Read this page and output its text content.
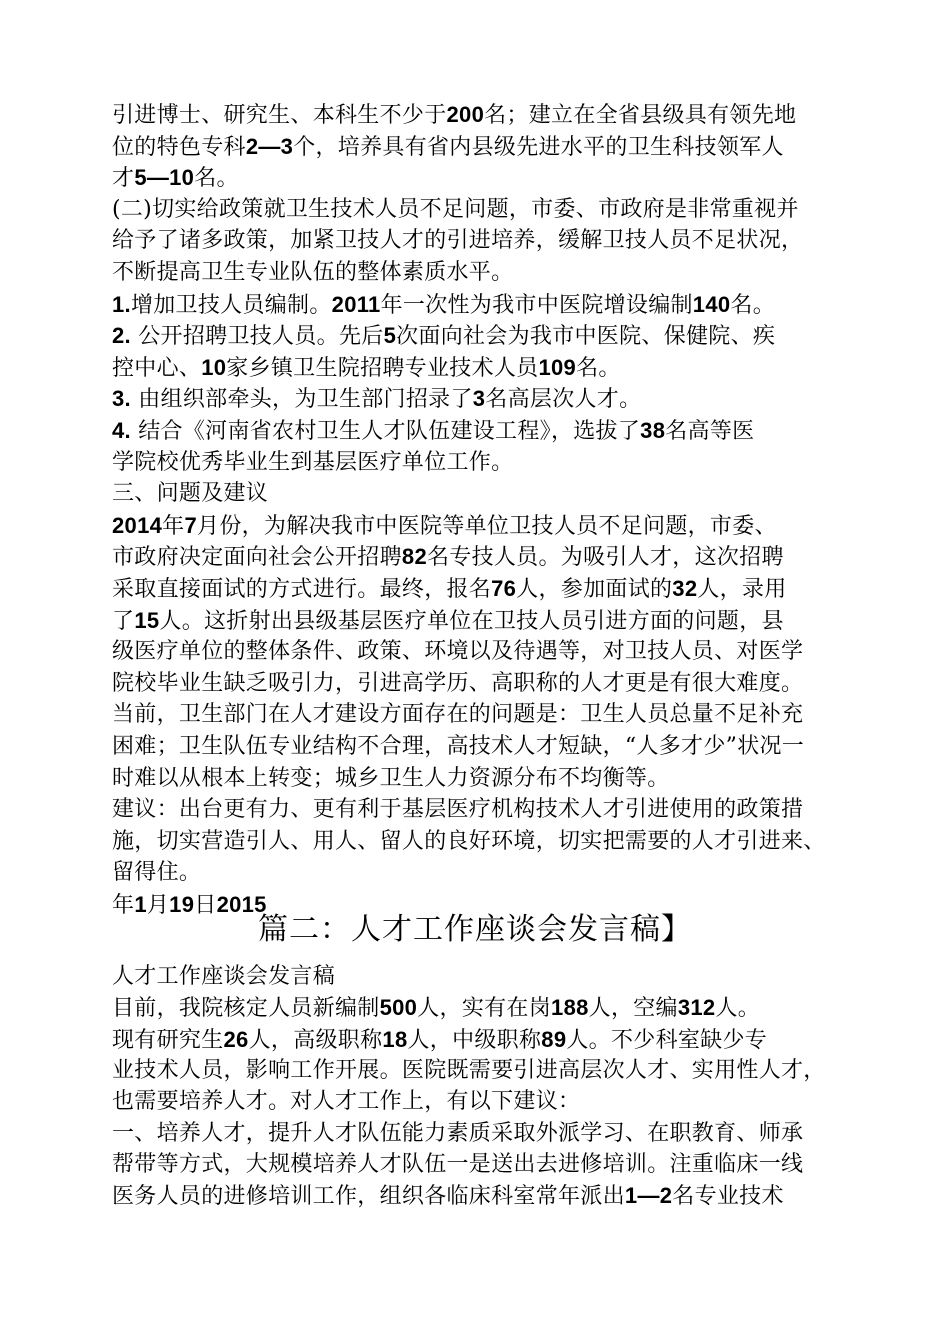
引进博士、研究生、本科生不少于200名；建立在全省县级具有领先地
位的特色专科2—3个，培养具有省内县级先进水平的卫生科技领军人
才5—10名。
(二)切实给政策就卫生技术人员不足问题，市委、市政府是非常重视并
给予了诸多政策，加紧卫技人才的引进培养，缓解卫技人员不足状况，
不断提高卫生专业队伍的整体素质水平。
1.增加卫技人员编制。2011年一次性为我市中医院增设编制140名。
2. 公开招聘卫技人员。先后5次面向社会为我市中医院、保健院、疾
控中心、10家乡镇卫生院招聘专业技术人员109名。
3. 由组织部牵头，为卫生部门招录了3名高层次人才。
4. 结合《河南省农村卫生人才队伍建设工程》，选拔了38名高等医
学院校优秀毕业生到基层医疗单位工作。
三、问题及建议
2014年7月份，为解决我市中医院等单位卫技人员不足问题，市委、
市政府决定面向社会公开招聘82名专技人员。为吸引人才，这次招聘
采取直接面试的方式进行。最终，报名76人，参加面试的32人，录用
了15人。这折射出县级基层医疗单位在卫技人员引进方面的问题，县
级医疗单位的整体条件、政策、环境以及待遇等，对卫技人员、对医学
院校毕业生缺乏吸引力，引进高学历、高职称的人才更是有很大难度。
当前，卫生部门在人才建设方面存在的问题是：卫生人员总量不足补充
困难；卫生队伍专业结构不合理，高技术人才短缺，“人多才少”状况一
时难以从根本上转变；城乡卫生人力资源分布不均衡等。
建议：出台更有力、更有利于基层医疗机构技术人才引进使用的政策措
施，切实营造引人、用人、留人的良好环境，切实把需要的人才引进来、
留得住。
年1月19日2015
篇二：人才工作座谈会发言稿】
人才工作座谈会发言稿
目前，我院核定人员新编制500人，实有在岗188人，空编312人。
现有研究生26人，高级职称18人，中级职称89人。不少科室缺少专
业技术人员，影响工作开展。医院既需要引进高层次人才、实用性人才，
也需要培养人才。对人才工作上，有以下建议：
一、培养人才，提升人才队伍能力素质采取外派学习、在职教育、师承
帮带等方式，大规模培养人才队伍一是送出去进修培训。注重临床一线
医务人员的进修培训工作，组织各临床科室常年派出1—2名专业技术
